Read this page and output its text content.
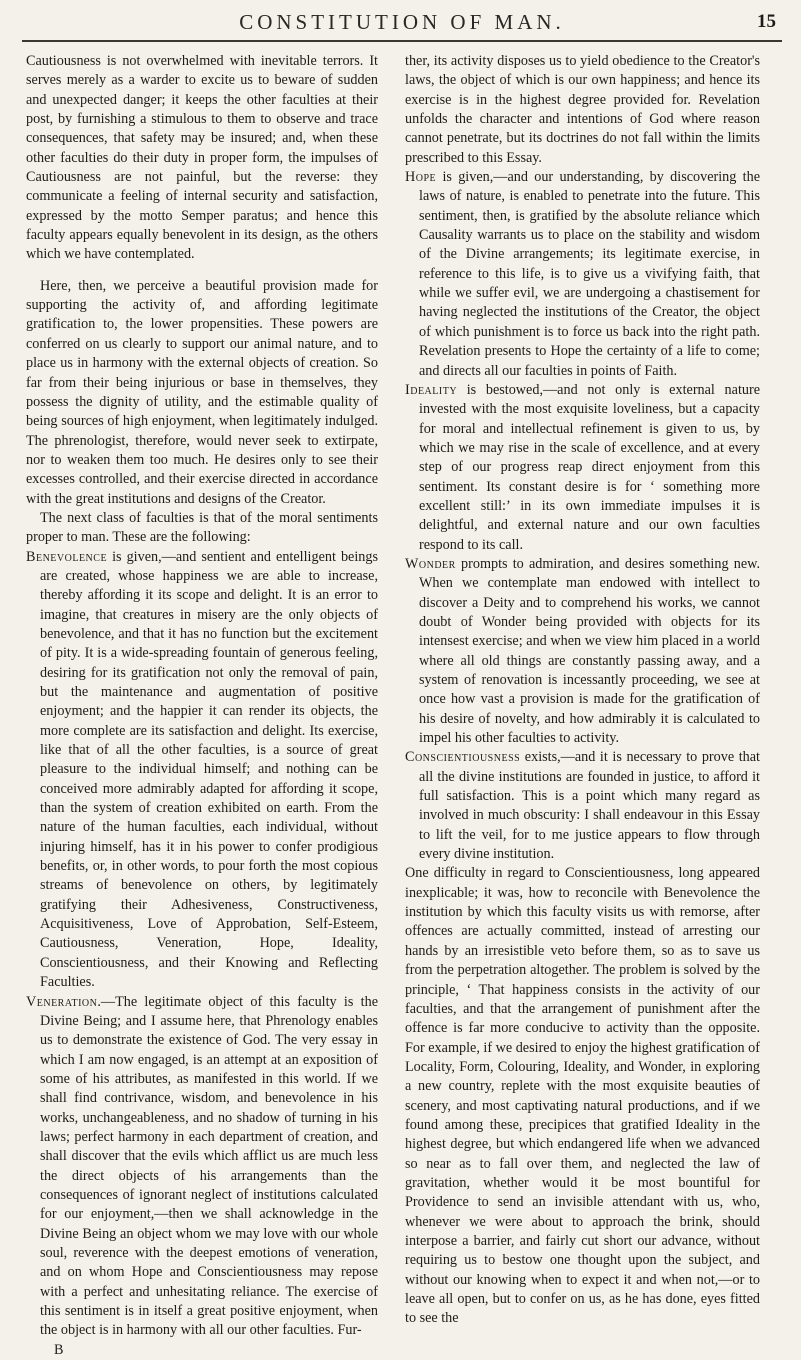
CONSTITUTION OF MAN.	15

Cautiousness is not overwhelmed with inevitable terrors. It serves merely as a warder to excite us to beware of sudden and unexpected danger; it keeps the other faculties at their post, by furnishing a stimulous to them to observe and trace consequences, that safety may be insured; and, when these other faculties do their duty in proper form, the impulses of Cautiousness are not painful, but the reverse: they communicate a feeling of internal security and satisfaction, expressed by the motto Semper paratus; and hence this faculty appears equally benevolent in its design, as the others which we have contemplated.

Here, then, we perceive a beautiful provision made for supporting the activity of, and affording legitimate gratification to, the lower propensities. These powers are conferred on us clearly to support our animal nature, and to place us in harmony with the external objects of creation. So far from their being injurious or base in themselves, they possess the dignity of utility, and the estimable quality of being sources of high enjoyment, when legitimately indulged. The phrenologist, therefore, would never seek to extirpate, nor to weaken them too much. He desires only to see their excesses controlled, and their exercise directed in accordance with the great institutions and designs of the Creator.

The next class of faculties is that of the moral sentiments proper to man. These are the following:

Benevolence is given,—and sentient and entelligent beings are created, whose happiness we are able to increase, thereby affording it its scope and delight. It is an error to imagine, that creatures in misery are the only objects of benevolence, and that it has no function but the excitement of pity. It is a wide-spreading fountain of generous feeling, desiring for its gratification not only the removal of pain, but the maintenance and augmentation of positive enjoyment; and the happier it can render its objects, the more complete are its satisfaction and delight. Its exercise, like that of all the other faculties, is a source of great pleasure to the individual himself; and nothing can be conceived more admirably adapted for affording it scope, than the system of creation exhibited on earth. From the nature of the human faculties, each individual, without injuring himself, has it in his power to confer prodigious benefits, or, in other words, to pour forth the most copious streams of benevolence on others, by legitimately gratifying their Adhesiveness, Constructiveness, Acquisitiveness, Love of Approbation, Self-Esteem, Cautiousness, Veneration, Hope, Ideality, Conscientiousness, and their Knowing and Reflecting Faculties.

Veneration.—The legitimate object of this faculty is the Divine Being; and I assume here, that Phrenology enables us to demonstrate the existence of God. The very essay in which I am now engaged, is an attempt at an exposition of some of his attributes, as manifested in this world. If we shall find contrivance, wisdom, and benevolence in his works, unchangeableness, and no shadow of turning in his laws; perfect harmony in each department of creation, and shall discover that the evils which afflict us are much less the direct objects of his arrangements than the consequences of ignorant neglect of institutions calculated for our enjoyment,—then we shall acknowledge in the Divine Being an object whom we may love with our whole soul, reverence with the deepest emotions of veneration, and on whom Hope and Conscientiousness may repose with a perfect and unhesitating reliance. The exercise of this sentiment is in itself a great positive enjoyment, when the object is in harmony with all our other faculties. Fur-

B

ther, its activity disposes us to yield obedience to the Creator's laws, the object of which is our own happiness; and hence its exercise is in the highest degree provided for. Revelation unfolds the character and intentions of God where reason cannot penetrate, but its doctrines do not fall within the limits prescribed to this Essay.

Hope is given,—and our understanding, by discovering the laws of nature, is enabled to penetrate into the future. This sentiment, then, is gratified by the absolute reliance which Causality warrants us to place on the stability and wisdom of the Divine arrangements; its legitimate exercise, in reference to this life, is to give us a vivifying faith, that while we suffer evil, we are undergoing a chastisement for having neglected the institutions of the Creator, the object of which punishment is to force us back into the right path. Revelation presents to Hope the certainty of a life to come; and directs all our faculties in points of Faith.

Ideality is bestowed,—and not only is external nature invested with the most exquisite loveliness, but a capacity for moral and intellectual refinement is given to us, by which we may rise in the scale of excellence, and at every step of our progress reap direct enjoyment from this sentiment. Its constant desire is for ‘ something more excellent still:’ in its own immediate impulses it is delightful, and external nature and our own faculties respond to its call.

Wonder prompts to admiration, and desires something new. When we contemplate man endowed with intellect to discover a Deity and to comprehend his works, we cannot doubt of Wonder being provided with objects for its intensest exercise; and when we view him placed in a world where all old things are constantly passing away, and a system of renovation is incessantly proceeding, we see at once how vast a provision is made for the gratification of his desire of novelty, and how admirably it is calculated to impel his other faculties to activity.

Conscientiousness exists,—and it is necessary to prove that all the divine institutions are founded in justice, to afford it full satisfaction. This is a point which many regard as involved in much obscurity: I shall endeavour in this Essay to lift the veil, for to me justice appears to flow through every divine institution.

One difficulty in regard to Conscientiousness, long appeared inexplicable; it was, how to reconcile with Benevolence the institution by which this faculty visits us with remorse, after offences are actually committed, instead of arresting our hands by an irresistible veto before them, so as to save us from the perpetration altogether. The problem is solved by the principle, ‘ That happiness consists in the activity of our faculties, and that the arrangement of punishment after the offence is far more conducive to activity than the opposite. For example, if we desired to enjoy the highest gratification of Locality, Form, Colouring, Ideality, and Wonder, in exploring a new country, replete with the most exquisite beauties of scenery, and most captivating natural productions, and if we found among these, precipices that gratified Ideality in the highest degree, but which endangered life when we advanced so near as to fall over them, and neglected the law of gravitation, whether would it be most bountiful for Providence to send an invisible attendant with us, who, whenever we were about to approach the brink, should interpose a barrier, and fairly cut short our advance, without requiring us to bestow one thought upon the subject, and without our knowing when to expect it and when not,—or to leave all open, but to confer on us, as he has done, eyes fitted to see the
